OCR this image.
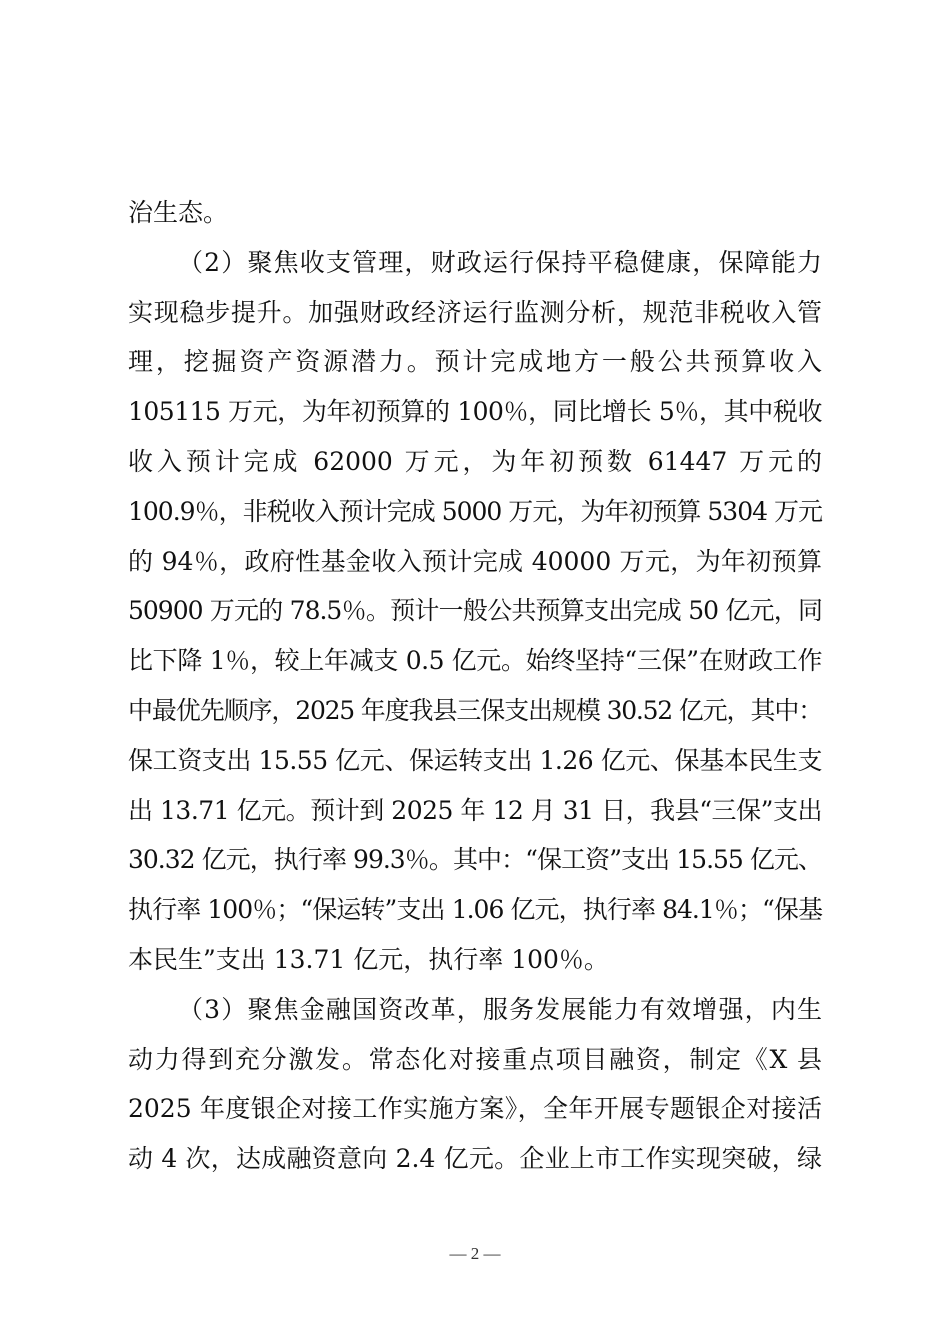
治生态。
（2）聚焦收支管理，财政运行保持平稳健康，保障能力
实现稳步提升。加强财政经济运行监测分析，规范非税收入管
理，挖掘资产资源潜力。预计完成地方一般公共预算收入
105115 万元，为年初预算的 100％，同比增长 5％，其中税收
收入预计完成 62000 万元，为年初预数 61447 万元的
100.9％，非税收入预计完成 5000 万元，为年初预算 5304 万元
的 94％，政府性基金收入预计完成 40000 万元，为年初预算
50900 万元的 78.5％。预计一般公共预算支出完成 50 亿元，同
比下降 1％，较上年减支 0.5 亿元。始终坚持“三保”在财政工作
中最优先顺序，2025 年度我县三保支出规模 30.52 亿元，其中：
保工资支出 15.55 亿元、保运转支出 1.26 亿元、保基本民生支
出 13.71 亿元。预计到 2025 年 12 月 31 日，我县“三保”支出
30.32 亿元，执行率 99.3％。其中：“保工资”支出 15.55 亿元、
执行率 100％；“保运转”支出 1.06 亿元，执行率 84.1％；“保基
本民生”支出 13.71 亿元，执行率 100％。
（3）聚焦金融国资改革，服务发展能力有效增强，内生
动力得到充分激发。常态化对接重点项目融资，制定《X 县
2025 年度银企对接工作实施方案》，全年开展专题银企对接活
动 4 次，达成融资意向 2.4 亿元。企业上市工作实现突破，绿
— 2 —
